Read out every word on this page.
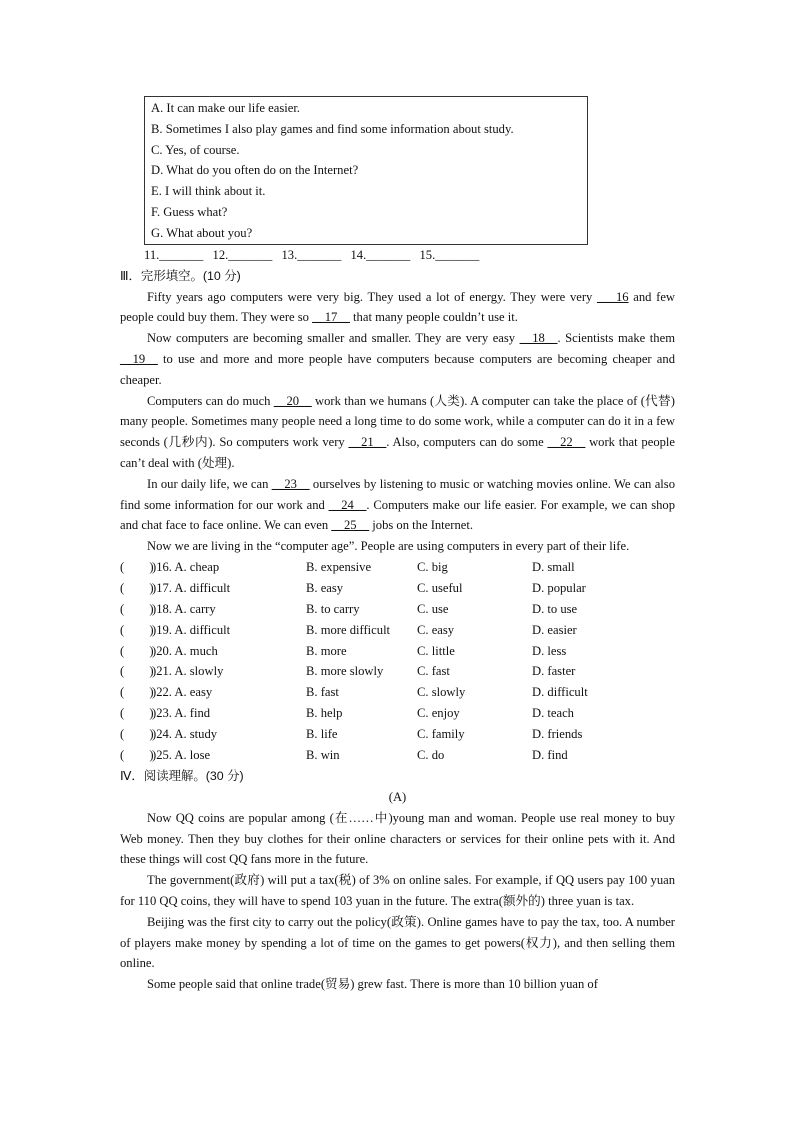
A. It can make our life easier.
B. Sometimes I also play games and find some information about study.
C. Yes, of course.
D. What do you often do on the Internet?
E. I will think about it.
F. Guess what?
G. What about you?
11._______ 12._______ 13._______ 14._______ 15._______
Ⅲ．完形填空。(10 分)
Fifty years ago computers were very big. They used a lot of energy. They were very ___16 and few people could buy them. They were so __17__ that many people couldn’t use it.
Now computers are becoming smaller and smaller. They are very easy __18__. Scientists make them __19__ to use and more and more people have computers because computers are becoming cheaper and cheaper.
Computers can do much __20__ work than we humans (人类). A computer can take the place of (代替) many people. Sometimes many people need a long time to do some work, while a computer can do it in a few seconds (几秒内). So computers work very __21__. Also, computers can do some __22__ work that people can’t deal with (处理).
In our daily life, we can __23__ ourselves by listening to music or watching movies online. We can also find some information for our work and __24__. Computers make our life easier. For example, we can shop and chat face to face online. We can even __25__ jobs on the Internet.
Now we are living in the “computer age”. People are using computers in every part of their life.
(　　)
)16. A. cheap	B. expensive	C. big	D. small
(　　)
)17. A. difficult	B. easy	C. useful	D. popular
(　　)
)18. A. carry	B. to carry	C. use	D. to use
(　　)
)19. A. difficult	B. more difficult C. easy	D. easier
(　　)
)20. A. much	B. more	C. little	D. less
(　　)
)21. A. slowly	B. more slowly	C. fast	D. faster
(　　)
)22. A. easy	B. fast	C. slowly	D. difficult
(　　)
)23. A. find	B. help	C. enjoy	D. teach
(　　)
)24. A. study	B. life	C. family	D. friends
(　　)
)25. A. lose	B. win	C. do	D. find
Ⅳ．阅读理解。(30 分)
(A)
Now QQ coins are popular among (在……中)young man and woman. People use real money to buy Web money. Then they buy clothes for their online characters or services for their online pets with it. And these things will cost QQ fans more in the future.
The government(政府) will put a tax(税) of 3% on online sales. For example, if QQ users pay 100 yuan for 110 QQ coins, they will have to spend 103 yuan in the future. The extra(额外的) three yuan is tax.
Beijing was the first city to carry out the policy(政策). Online games have to pay the tax, too. A number of players make money by spending a lot of time on the games to get powers(权力), and then selling them online.
Some people said that online trade(贸易) grew fast. There is more than 10 billion yuan of
